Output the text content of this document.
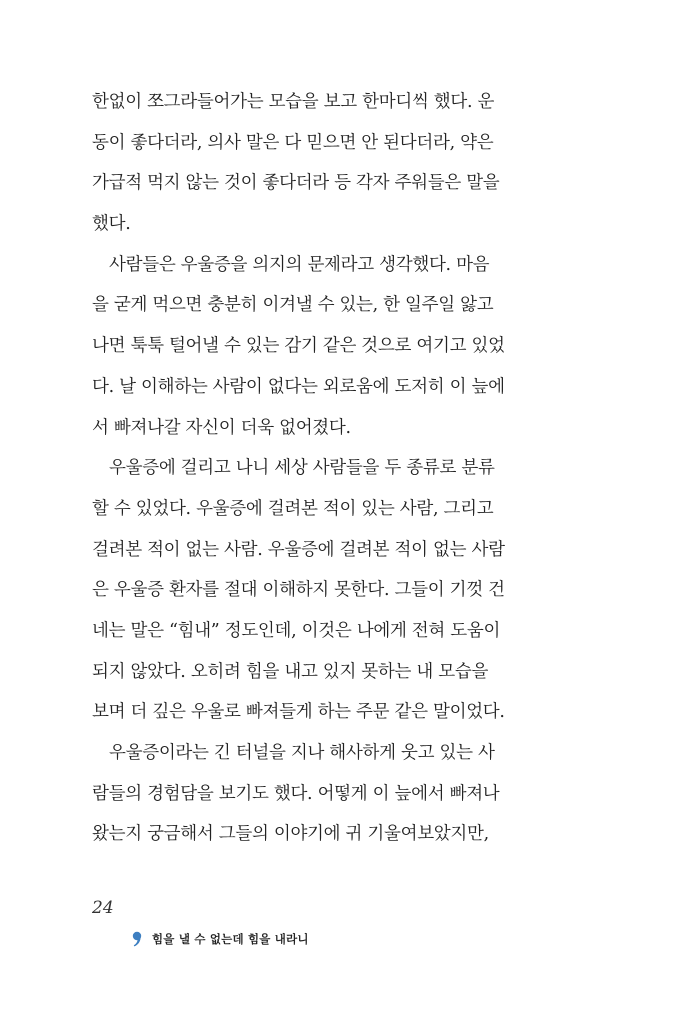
한없이 쪼그라들어가는 모습을 보고 한마디씩 했다. 운
동이 좋다더라, 의사 말은 다 믿으면 안 된다더라, 약은
가급적 먹지 않는 것이 좋다더라 등 각자 주워들은 말을
했다.
사람들은 우울증을 의지의 문제라고 생각했다. 마음
을 굳게 먹으면 충분히 이겨낼 수 있는, 한 일주일 앓고
나면 툭툭 털어낼 수 있는 감기 같은 것으로 여기고 있었
다. 날 이해하는 사람이 없다는 외로움에 도저히 이 늪에
서 빠져나갈 자신이 더욱 없어졌다.
우울증에 걸리고 나니 세상 사람들을 두 종류로 분류
할 수 있었다. 우울증에 걸려본 적이 있는 사람, 그리고
걸려본 적이 없는 사람. 우울증에 걸려본 적이 없는 사람
은 우울증 환자를 절대 이해하지 못한다. 그들이 기껏 건
네는 말은 “힘내” 정도인데, 이것은 나에게 전혀 도움이
되지 않았다. 오히려 힘을 내고 있지 못하는 내 모습을
보며 더 깊은 우울로 빠져들게 하는 주문 같은 말이었다.
우울증이라는 긴 터널을 지나 해사하게 웃고 있는 사
람들의 경험담을 보기도 했다. 어떻게 이 늪에서 빠져나
왔는지 궁금해서 그들의 이야기에 귀 기울여보았지만,
24
힘을 낼 수 없는데 힘을 내라니
